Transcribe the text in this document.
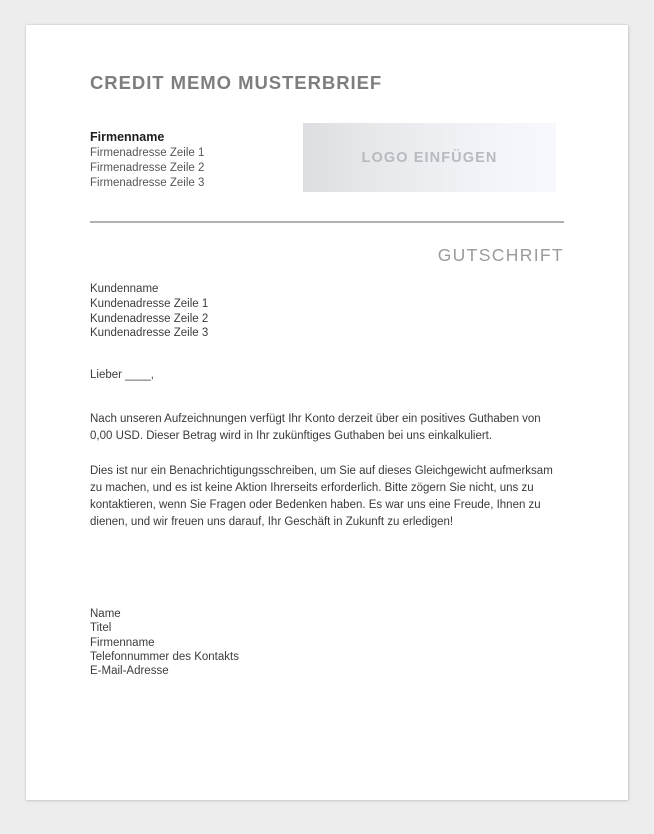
CREDIT MEMO MUSTERBRIEF
Firmenname
Firmenadresse Zeile 1
Firmenadresse Zeile 2
Firmenadresse Zeile 3
LOGO EINFÜGEN
GUTSCHRIFT
Kundenname
Kundenadresse Zeile 1
Kundenadresse Zeile 2
Kundenadresse Zeile 3
Lieber ____,

Nach unseren Aufzeichnungen verfügt Ihr Konto derzeit über ein positives Guthaben von 0,00 USD. Dieser Betrag wird in Ihr zukünftiges Guthaben bei uns einkalkuliert.

Dies ist nur ein Benachrichtigungsschreiben, um Sie auf dieses Gleichgewicht aufmerksam zu machen, und es ist keine Aktion Ihrerseits erforderlich. Bitte zögern Sie nicht, uns zu kontaktieren, wenn Sie Fragen oder Bedenken haben. Es war uns eine Freude, Ihnen zu dienen, und wir freuen uns darauf, Ihr Geschäft in Zukunft zu erledigen!

Name
Titel
Firmenname
Telefonnummer des Kontakts
E-Mail-Adresse
